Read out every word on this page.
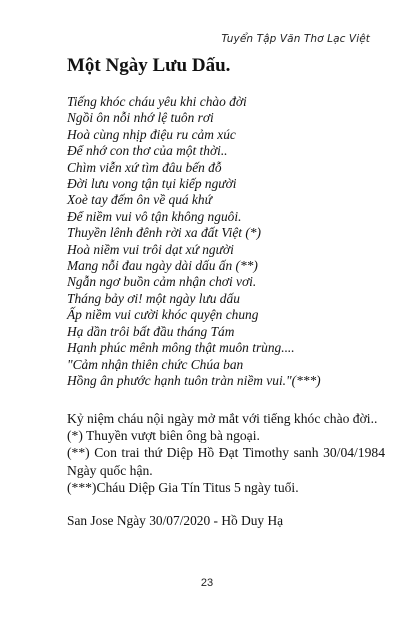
Tuyển Tập Văn Thơ Lạc Việt
Một Ngày Lưu Dấu.
Tiếng khóc cháu yêu khi chào đời
Ngồi ôn nỗi nhớ lệ tuôn rơi
Hoà cùng nhịp điệu ru cảm xúc
Để nhớ con thơ của một thời..
Chìm viễn xứ tìm đâu bến đỗ
Đời lưu vong tận tụi kiếp người
Xoè tay đếm ôn về quá khứ
Để niềm vui vô tận không nguôi.
Thuyền lênh đênh rời xa đất Việt (*)
Hoà niềm vui trôi dạt xứ người
Mang nỗi đau ngày dài dấu ấn (**)
Ngẫn ngơ buồn cảm nhận chơi vơi.
Tháng bảy ơi! một ngày lưu dấu
Ấp niềm vui cười khóc quyện chung
Hạ dần trôi bất đầu tháng Tám
Hạnh phúc mênh mông thật muôn trùng....
"Cảm nhận thiên chức Chúa ban
Hồng ân phước hạnh tuôn tràn niềm vui."(***)
Kỷ niệm cháu nội ngày mở mắt với tiếng khóc chào đời..
(*) Thuyền vượt biên ông bà ngoại.
(**) Con trai thứ Diệp Hồ Đạt Timothy sanh 30/04/1984 Ngày quốc hận.
(***)Cháu Diệp Gia Tín Titus 5 ngày tuổi.
San Jose Ngày 30/07/2020 - Hồ Duy Hạ
23
